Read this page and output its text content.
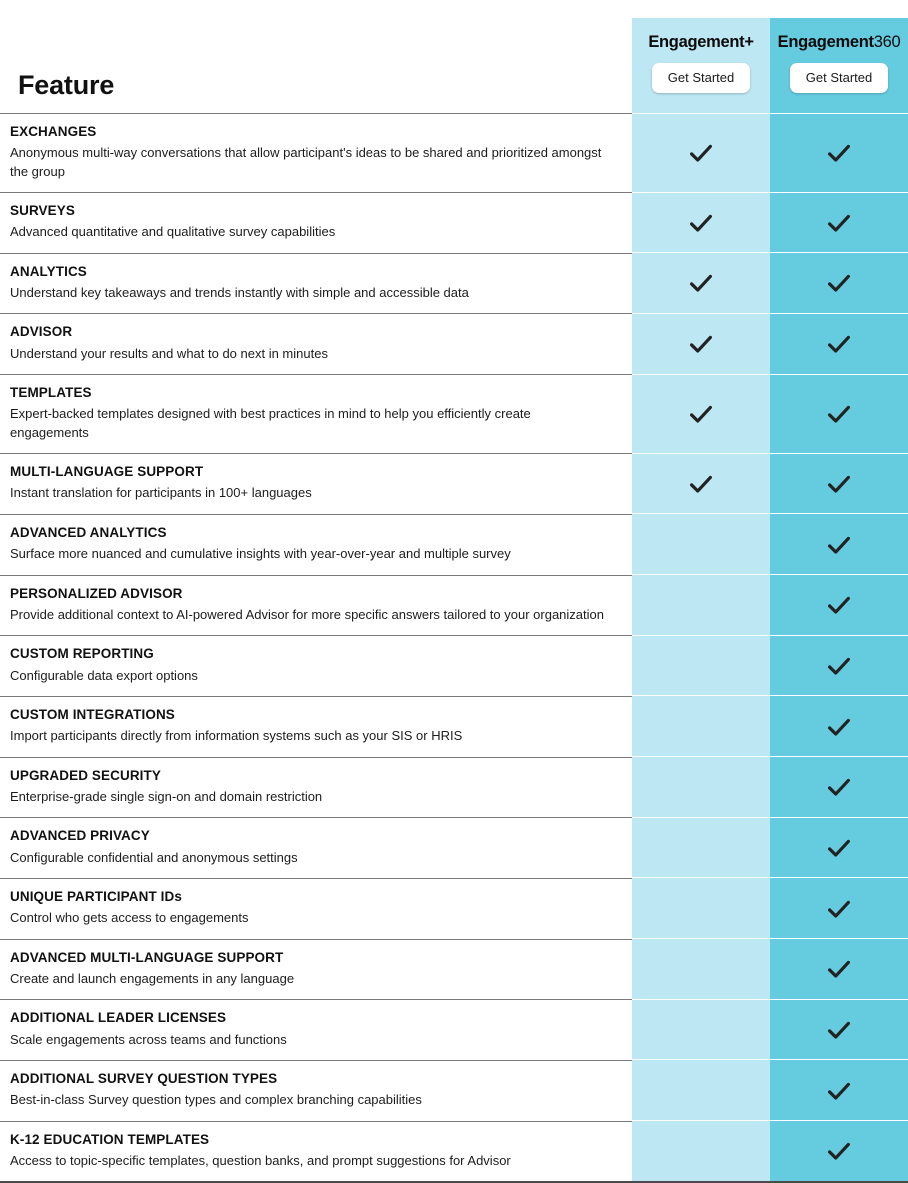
Feature
Engagement+
Get Started
Engagement360
Get Started
EXCHANGES
Anonymous multi-way conversations that allow participant's ideas to be shared and prioritized amongst the group
SURVEYS
Advanced quantitative and qualitative survey capabilities
ANALYTICS
Understand key takeaways and trends instantly with simple and accessible data
ADVISOR
Understand your results and what to do next in minutes
TEMPLATES
Expert-backed templates designed with best practices in mind to help you efficiently create engagements
MULTI-LANGUAGE SUPPORT
Instant translation for participants in 100+ languages
ADVANCED ANALYTICS
Surface more nuanced and cumulative insights with year-over-year and multiple survey
PERSONALIZED ADVISOR
Provide additional context to AI-powered Advisor for more specific answers tailored to your organization
CUSTOM REPORTING
Configurable data export options
CUSTOM INTEGRATIONS
Import participants directly from information systems such as your SIS or HRIS
UPGRADED SECURITY
Enterprise-grade single sign-on and domain restriction
ADVANCED PRIVACY
Configurable confidential and anonymous settings
UNIQUE PARTICIPANT IDs
Control who gets access to engagements
ADVANCED MULTI-LANGUAGE SUPPORT
Create and launch engagements in any language
ADDITIONAL LEADER LICENSES
Scale engagements across teams and functions
ADDITIONAL SURVEY QUESTION TYPES
Best-in-class Survey question types and complex branching capabilities
K-12 EDUCATION TEMPLATES
Access to topic-specific templates, question banks, and prompt suggestions for Advisor
